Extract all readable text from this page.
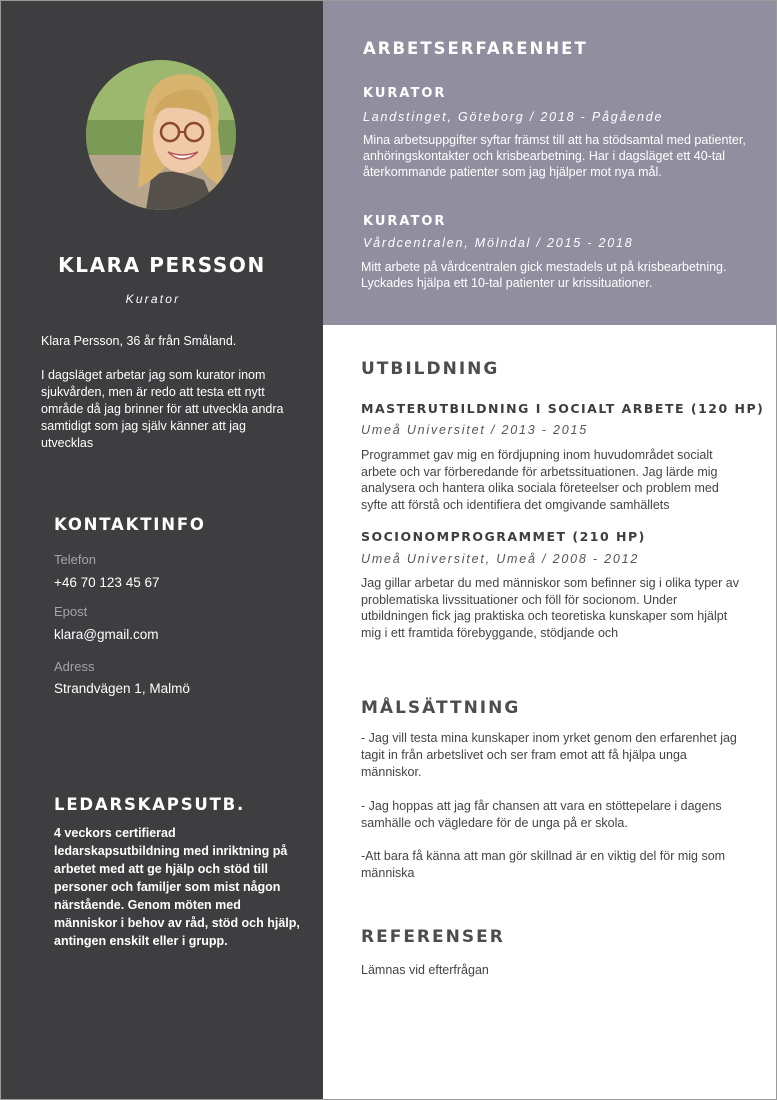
KLARA PERSSON
Kurator
Klara Persson, 36 år från Småland.
I dagsläget arbetar jag som kurator inom sjukvården, men är redo att testa ett nytt område då jag brinner för att utveckla andra samtidigt som jag själv känner att jag utvecklas
KONTAKTINFO
Telefon
+46 70 123 45 67
Epost
klara@gmail.com
Adress
Strandvägen 1, Malmö
LEDARSKAPSUTB.
4 veckors certifierad ledarskapsutbildning med inriktning på arbetet med att ge hjälp och stöd till personer och familjer som mist någon närstående. Genom möten med människor i behov av råd, stöd och hjälp, antingen enskilt eller i grupp.
ARBETSERFARENHET
KURATOR
Landstinget, Göteborg / 2018 - Pågående
Mina arbetsuppgifter syftar främst till att ha stödsamtal med patienter, anhöringskontakter och krisbearbetning. Har i dagsläget ett 40-tal återkommande patienter som jag hjälper mot nya mål.
KURATOR
Vårdcentralen, Mölndal / 2015 - 2018
Mitt arbete på vårdcentralen gick mestadels ut på krisbearbetning. Lyckades hjälpa ett 10-tal patienter ur krissituationer.
UTBILDNING
MASTERUTBILDNING I SOCIALT ARBETE (120 HP)
Umeå Universitet / 2013 - 2015
Programmet gav mig en fördjupning inom huvudområdet socialt arbete och var förberedande för arbetssituationen. Jag lärde mig analysera och hantera olika sociala företeelser och problem med syfte att förstå och identifiera det omgivande samhällets
SOCIONOMPROGRAMMET (210 HP)
Umeå Universitet, Umeå / 2008 - 2012
Jag gillar arbetar du med människor som befinner sig i olika typer av problematiska livssituationer och föll för socionom. Under utbildningen fick jag praktiska och teoretiska kunskaper som hjälpt mig i ett framtida förebyggande, stödjande och
MÅLSÄTTNING
- Jag vill testa mina kunskaper inom yrket genom den erfarenhet jag tagit in från arbetslivet och ser fram emot att få hjälpa unga människor.
- Jag hoppas att jag får chansen att vara en stöttepelare i dagens samhälle och vägledare för de unga på er skola.
-Att bara få känna att man gör skillnad är en viktig del för mig som människa
REFERENSER
Lämnas vid efterfrågan
